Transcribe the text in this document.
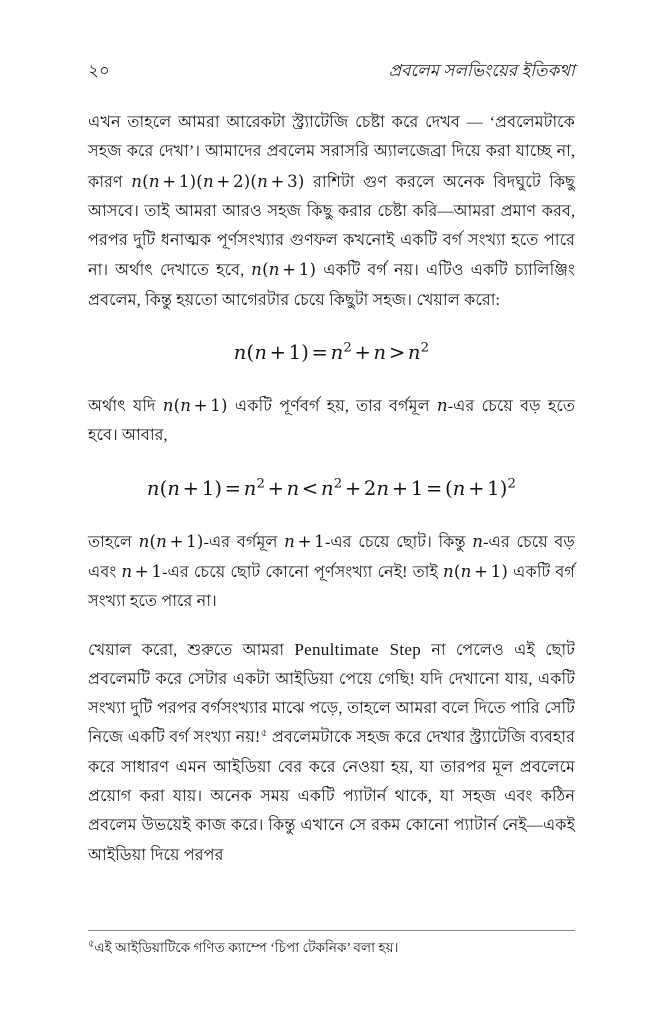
২০	প্রবলেম সলভিংয়ের ইতিকথা

এখন তাহলে আমরা আরেকটা স্ট্র্যাটেজি চেষ্টা করে দেখব — ‘প্রবলেমটাকে সহজ করে দেখা’। আমাদের প্রবলেম সরাসরি অ্যালজেব্রা দিয়ে করা যাচ্ছে না, কারণ n(n + 1)(n + 2)(n + 3) রাশিটা গুণ করলে অনেক বিদঘুটে কিছু আসবে। তাই আমরা আরও সহজ কিছু করার চেষ্টা করি—আমরা প্রমাণ করব, পরপর দুটি ধনাত্মক পূর্ণসংখ্যার গুণফল কখনোই একটি বর্গ সংখ্যা হতে পারে না। অর্থাৎ দেখাতে হবে, n(n + 1) একটি বর্গ নয়। এটিও একটি চ্যালিঞ্জিং প্রবলেম, কিন্তু হয়তো আগেরটার চেয়ে কিছুটা সহজ। খেয়াল করো:

$n(n + 1) = n^2 + n > n^2$

অর্থাৎ যদি n(n + 1) একটি পূর্ণবর্গ হয়, তার বর্গমূল n-এর চেয়ে বড় হতে হবে। আবার,

$n(n + 1) = n^2 + n < n^2 + 2n + 1 = (n + 1)^2$

তাহলে n(n + 1)-এর বর্গমূল n + 1-এর চেয়ে ছোট। কিন্তু n-এর চেয়ে বড় এবং n + 1-এর চেয়ে ছোট কোনো পূর্ণসংখ্যা নেই! তাই n(n + 1) একটি বর্গ সংখ্যা হতে পারে না।

খেয়াল করো, শুরুতে আমরা Penultimate Step না পেলেও এই ছোট প্রবলেমটি করে সেটার একটা আইডিয়া পেয়ে গেছি! যদি দেখানো যায়, একটি সংখ্যা দুটি পরপর বর্গসংখ্যার মাঝে পড়ে, তাহলে আমরা বলে দিতে পারি সেটি নিজে একটি বর্গ সংখ্যা নয়!$^৫$ প্রবলেমটাকে সহজ করে দেখার স্ট্র্যাটেজি ব্যবহার করে সাধারণ এমন আইডিয়া বের করে নেওয়া হয়, যা তারপর মূল প্রবলেমে প্রয়োগ করা যায়। অনেক সময় একটি প্যাটার্ন থাকে, যা সহজ এবং কঠিন প্রবলেম উভয়েই কাজ করে। কিন্তু এখানে সে রকম কোনো প্যাটার্ন নেই—একই আইডিয়া দিয়ে পরপর

$^৫$এই আইডিয়াটিকে গণিত ক্যাম্পে ‘চিপা টেকনিক’ বলা হয়।
